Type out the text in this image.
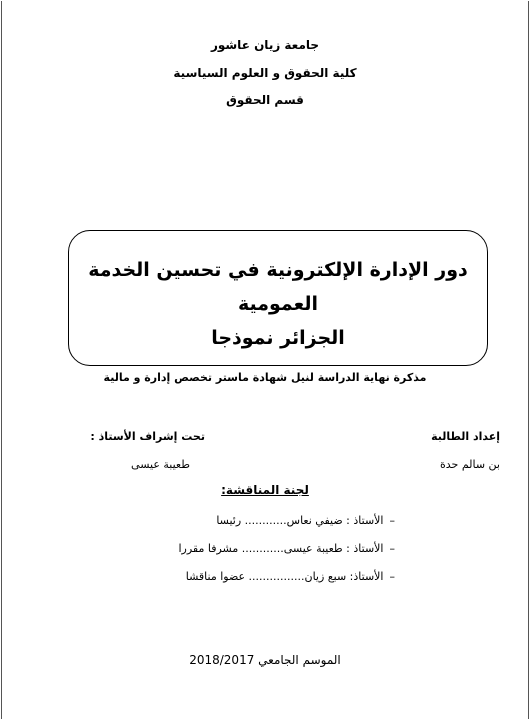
جامعة زيان عاشور
كلية الحقوق و العلوم السياسية
قسم الحقوق
دور الإدارة الإلكترونية في تحسين الخدمة العمومية
الجزائر نموذجا
مذكرة نهاية الدراسة لنيل شهادة ماستر تخصص إدارة و مالية
إعداد الطالبة
تحت إشراف الأستاذ :
بن سالم حدة
طعيبة عيسى
لجنة المناقشة:
–الأستاذ : ضيفي نعاس............ رئيسا
–الأستاذ : طعيبة عيسى............ مشرفا مقررا
–الأستاذ: سبع زيان................ عضوا مناقشا
الموسم الجامعي 2018/2017
